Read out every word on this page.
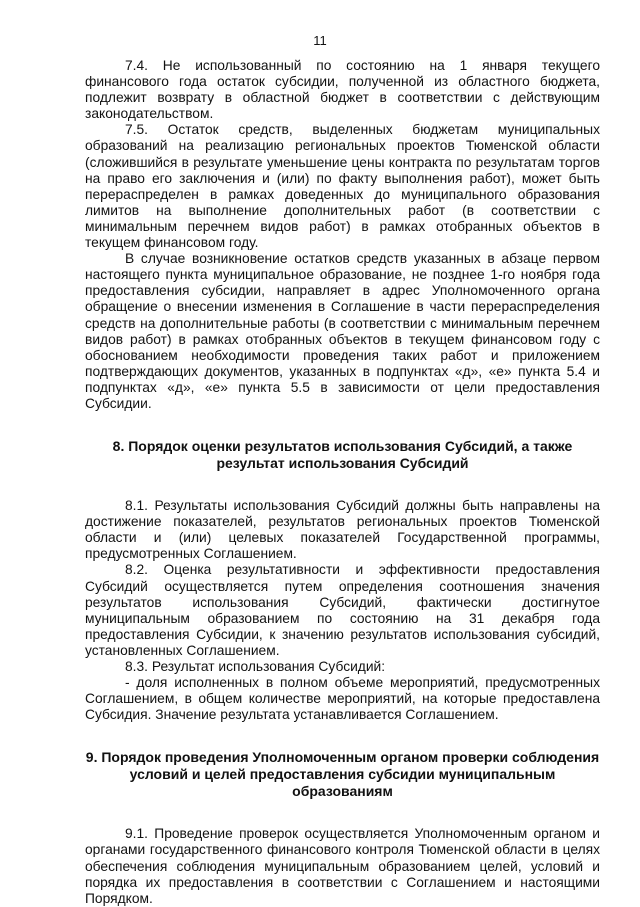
11

7.4. Не использованный по состоянию на 1 января текущего финансового года остаток субсидии, полученной из областного бюджета, подлежит возврату в областной бюджет в соответствии с действующим законодательством.

7.5. Остаток средств, выделенных бюджетам муниципальных образований на реализацию региональных проектов Тюменской области (сложившийся в результате уменьшение цены контракта по результатам торгов на право его заключения и (или) по факту выполнения работ), может быть перераспределен в рамках доведенных до муниципального образования лимитов на выполнение дополнительных работ (в соответствии с минимальным перечнем видов работ) в рамках отобранных объектов в текущем финансовом году.

В случае возникновение остатков средств указанных в абзаце первом настоящего пункта муниципальное образование, не позднее 1-го ноября года предоставления субсидии, направляет в адрес Уполномоченного органа обращение о внесении изменения в Соглашение в части перераспределения средств на дополнительные работы (в соответствии с минимальным перечнем видов работ) в рамках отобранных объектов в текущем финансовом году с обоснованием необходимости проведения таких работ и приложением подтверждающих документов, указанных в подпунктах «д», «е» пункта 5.4 и подпунктах «д», «е» пункта 5.5 в зависимости от цели предоставления Субсидии.

8. Порядок оценки результатов использования Субсидий, а также результат использования Субсидий

8.1. Результаты использования Субсидий должны быть направлены на достижение показателей, результатов региональных проектов Тюменской области и (или) целевых показателей Государственной программы, предусмотренных Соглашением.

8.2. Оценка результативности и эффективности предоставления Субсидий осуществляется путем определения соотношения значения результатов использования Субсидий, фактически достигнутое муниципальным образованием по состоянию на 31 декабря года предоставления Субсидии, к значению результатов использования субсидий, установленных Соглашением.

8.3. Результат использования Субсидий:

- доля исполненных в полном объеме мероприятий, предусмотренных Соглашением, в общем количестве мероприятий, на которые предоставлена Субсидия. Значение результата устанавливается Соглашением.

9. Порядок проведения Уполномоченным органом проверки соблюдения условий и целей предоставления субсидии муниципальным образованиям

9.1. Проведение проверок осуществляется Уполномоченным органом и органами государственного финансового контроля Тюменской области в целях обеспечения соблюдения муниципальным образованием целей, условий и порядка их предоставления в соответствии с Соглашением и настоящими Порядком.
